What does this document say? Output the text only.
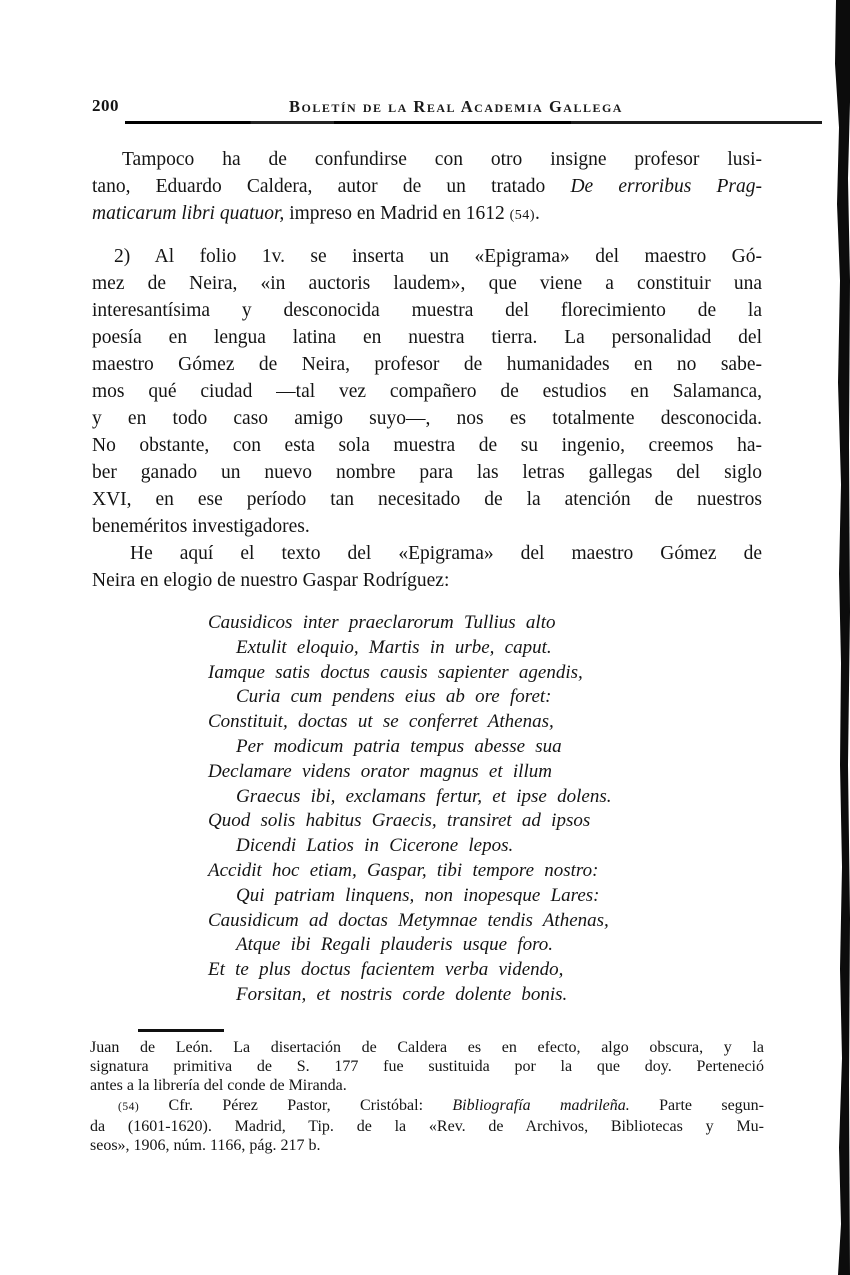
200	Boletín de la Real Academia Gallega
Tampoco ha de confundirse con otro insigne profesor lusi-
tano, Eduardo Caldera, autor de un tratado De erroribus Prag-
maticarum libri quatuor, impreso en Madrid en 1612 (54).
2) Al folio 1v. se inserta un «Epigrama» del maestro Gó-
mez de Neira, «in auctoris laudem», que viene a constituir una
interesantísima y desconocida muestra del florecimiento de la
poesía en lengua latina en nuestra tierra. La personalidad del
maestro Gómez de Neira, profesor de humanidades en no sabe-
mos qué ciudad —tal vez compañero de estudios en Salamanca,
y en todo caso amigo suyo—, nos es totalmente desconocida.
No obstante, con esta sola muestra de su ingenio, creemos ha-
ber ganado un nuevo nombre para las letras gallegas del siglo
XVI, en ese período tan necesitado de la atención de nuestros
beneméritos investigadores.
He aquí el texto del «Epigrama» del maestro Gómez de
Neira en elogio de nuestro Gaspar Rodríguez:
Causidicos inter praeclarorum Tullius alto
Extulit eloquio, Martis in urbe, caput.
Iamque satis doctus causis sapienter agendis,
Curia cum pendens eius ab ore foret:
Constituit, doctas ut se conferret Athenas,
Per modicum patria tempus abesse sua
Declamare videns orator magnus et illum
Graecus ibi, exclamans fertur, et ipse dolens.
Quod solis habitus Graecis, transiret ad ipsos
Dicendi Latios in Cicerone lepos.
Accidit hoc etiam, Gaspar, tibi tempore nostro:
Qui patriam linquens, non inopesque Lares:
Causidicum ad doctas Metymnae tendis Athenas,
Atque ibi Regali plauderis usque foro.
Et te plus doctus facientem verba videndo,
Forsitan, et nostris corde dolente bonis.
Juan de León. La disertación de Caldera es en efecto, algo obscura, y la
signatura primitiva de S. 177 fue sustituida por la que doy. Perteneció
antes a la librería del conde de Miranda.
(54) Cfr. Pérez Pastor, Cristóbal: Bibliografía madrileña. Parte segun-
da (1601-1620). Madrid, Tip. de la «Rev. de Archivos, Bibliotecas y Mu-
seos», 1906, núm. 1166, pág. 217 b.
